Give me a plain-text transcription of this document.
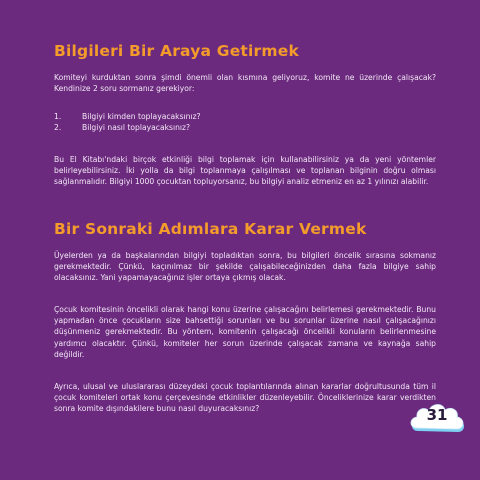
Bilgileri Bir Araya Getirmek

Komiteyi kurduktan sonra şimdi önemli olan kısmına geliyoruz, komite ne üzerinde çalışacak? Kendinize 2 soru sormanız gerekiyor:

1.	Bilgiyi kimden toplayacaksınız?
2.	Bilgiyi nasıl toplayacaksınız?

Bu El Kitabı'ndaki birçok etkinliği bilgi toplamak için kullanabilirsiniz ya da yeni yöntemler belirleyebilirsiniz. İki yolla da bilgi toplanmaya çalışılması ve toplanan bilginin doğru olması sağlanmalıdır. Bilgiyi 1000 çocuktan topluyorsanız, bu bilgiyi analiz etmeniz en az 1 yılınızı alabilir.

Bir Sonraki Adımlara Karar Vermek

Üyelerden ya da başkalarından bilgiyi topladıktan sonra, bu bilgileri öncelik sırasına sokmanız gerekmektedir. Çünkü, kaçınılmaz bir şekilde çalışabileceğinizden daha fazla bilgiye sahip olacaksınız. Yani yapamayacağınız işler ortaya çıkmış olacak.

Çocuk komitesinin öncelikli olarak hangi konu üzerine çalışacağını belirlemesi gerekmektedir. Bunu yapmadan önce çocukların size bahsettiği sorunları ve bu sorunlar üzerine nasıl çalışacağınızı düşünmeniz gerekmektedir. Bu yöntem, komitenin çalışacağı öncelikli konuların belirlenmesine yardımcı olacaktır. Çünkü, komiteler her sorun üzerinde çalışacak zamana ve kaynağa sahip değildir.

Ayrıca, ulusal ve uluslararası düzeydeki çocuk toplantılarında alınan kararlar doğrultusunda tüm il çocuk komiteleri ortak konu çerçevesinde etkinlikler düzenleyebilir. Önceliklerinize karar verdikten sonra komite dışındakilere bunu nasıl duyuracaksınız?	31
